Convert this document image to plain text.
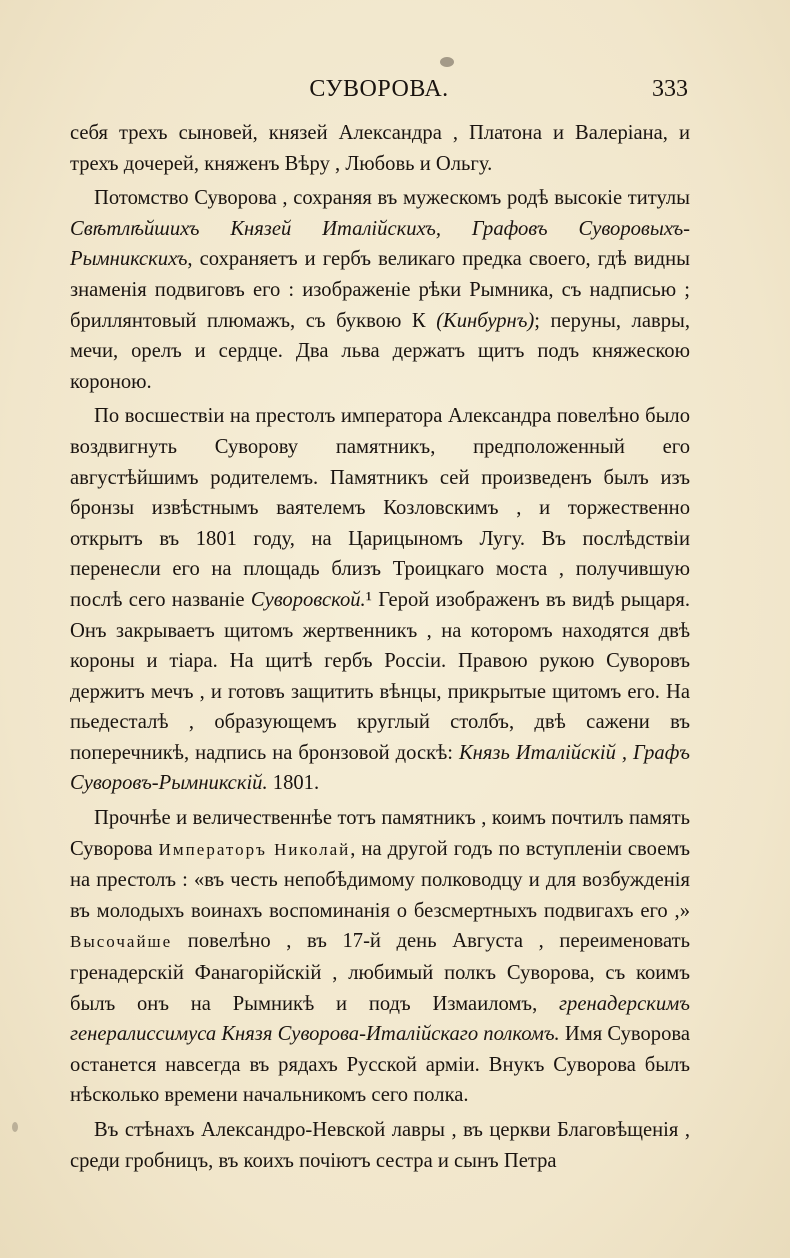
СУВОРОВА.	333

себя трехъ сыновей, князей Александра , Платона и Валеріана, и трехъ дочерей, княженъ Вѣру , Любовь и Ольгу.

Потомство Суворова , сохраняя въ мужескомъ родѣ высокіе титулы Свѣтлѣйшихъ Князей Италійскихъ, Графовъ Суворовыхъ-Рымникскихъ, сохраняетъ и гербъ великаго предка своего, гдѣ видны знаменія подвиговъ его : изображеніе рѣки Рымника, съ надписью ; бриллянтовый плюмажъ, съ буквою К (Кинбурнъ); перуны, лавры, мечи, орелъ и сердце. Два льва держатъ щитъ подъ княжескою короною.

По восшествіи на престолъ императора Александра повелѣно было воздвигнуть Суворову памятникъ, предположенный его августѣйшимъ родителемъ. Памятникъ сей произведенъ былъ изъ бронзы извѣстнымъ ваятелемъ Козловскимъ , и торжественно открытъ въ 1801 году, на Царицыномъ Лугу. Въ послѣдствіи перенесли его на площадь близъ Троицкаго моста , получившую послѣ сего названіе Суворовской.¹ Герой изображенъ въ видѣ рыцаря. Онъ закрываетъ щитомъ жертвенникъ , на которомъ находятся двѣ короны и тіара. На щитѣ гербъ Россіи. Правою рукою Суворовъ держитъ мечъ , и готовъ защитить вѣнцы, прикрытые щитомъ его. На пьедесталѣ , образующемъ круглый столбъ, двѣ сажени въ поперечникѣ, надпись на бронзовой доскѣ: Князь Италійскій , Графъ Суворовъ-Рымникскій. 1801.

Прочнѣе и величественнѣе тотъ памятникъ , коимъ почтилъ память Суворова Императоръ Николай, на другой годъ по вступленіи своемъ на престолъ : «въ честь непобѣдимому полководцу и для возбужденія въ молодыхъ воинахъ воспоминанія о безсмертныхъ подвигахъ его ,» Высочайше повелѣно , въ 17-й день Августа , переименовать гренадерскій Фанагорійскій , любимый полкъ Суворова, съ коимъ былъ онъ на Рымникѣ и подъ Измаиломъ, гренадерскимъ генералиссимуса Князя Суворова-Италійскаго полкомъ. Имя Суворова останется навсегда въ рядахъ Русской арміи. Внукъ Суворова былъ нѣсколько времени начальникомъ сего полка.

Въ стѣнахъ Александро-Невской лавры , въ церкви Благовѣщенія , среди гробницъ, въ коихъ почіютъ сестра и сынъ Петра
